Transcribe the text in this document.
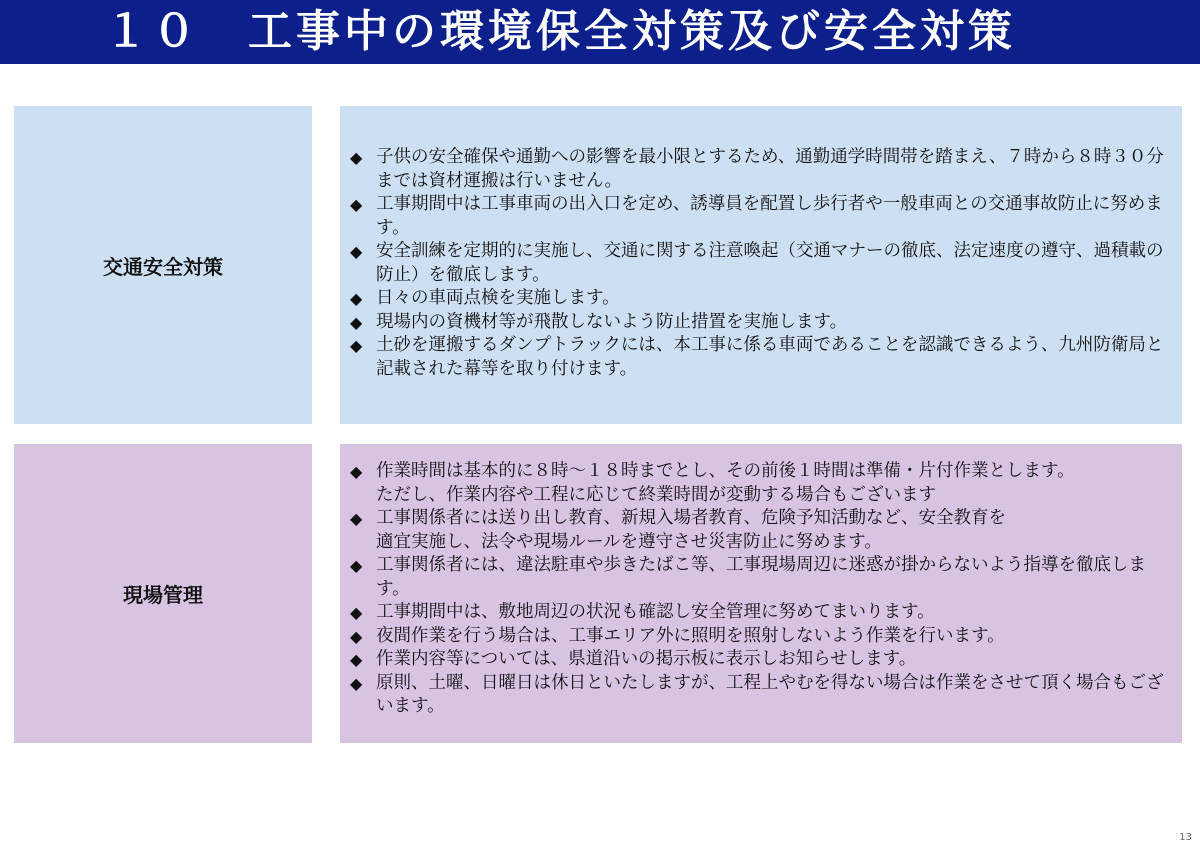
１０　工事中の環境保全対策及び安全対策
交通安全対策
◆ 子供の安全確保や通勤への影響を最小限とするため、通勤通学時間帯を踏まえ、７時から８時３０分までは資材運搬は行いません。
◆ 工事期間中は工事車両の出入口を定め、誘導員を配置し歩行者や一般車両との交通事故防止に努めます。
◆ 安全訓練を定期的に実施し、交通に関する注意喚起（交通マナーの徹底、法定速度の遵守、過積載の防止）を徹底します。
◆ 日々の車両点検を実施します。
◆ 現場内の資機材等が飛散しないよう防止措置を実施します。
◆ 土砂を運搬するダンプトラックには、本工事に係る車両であることを認識できるよう、九州防衛局と記載された幕等を取り付けます。
現場管理
◆ 作業時間は基本的に８時～１８時までとし、その前後１時間は準備・片付作業とします。
ただし、作業内容や工程に応じて終業時間が変動する場合もございます
◆ 工事関係者には送り出し教育、新規入場者教育、危険予知活動など、安全教育を
適宜実施し、法令や現場ルールを遵守させ災害防止に努めます。
◆ 工事関係者には、違法駐車や歩きたばこ等、工事現場周辺に迷惑が掛からないよう指導を徹底します。
◆ 工事期間中は、敷地周辺の状況も確認し安全管理に努めてまいります。
◆ 夜間作業を行う場合は、工事エリア外に照明を照射しないよう作業を行います。
◆ 作業内容等については、県道沿いの掲示板に表示しお知らせします。
◆ 原則、土曜、日曜日は休日といたしますが、工程上やむを得ない場合は作業をさせて頂く場合もございます。
13
